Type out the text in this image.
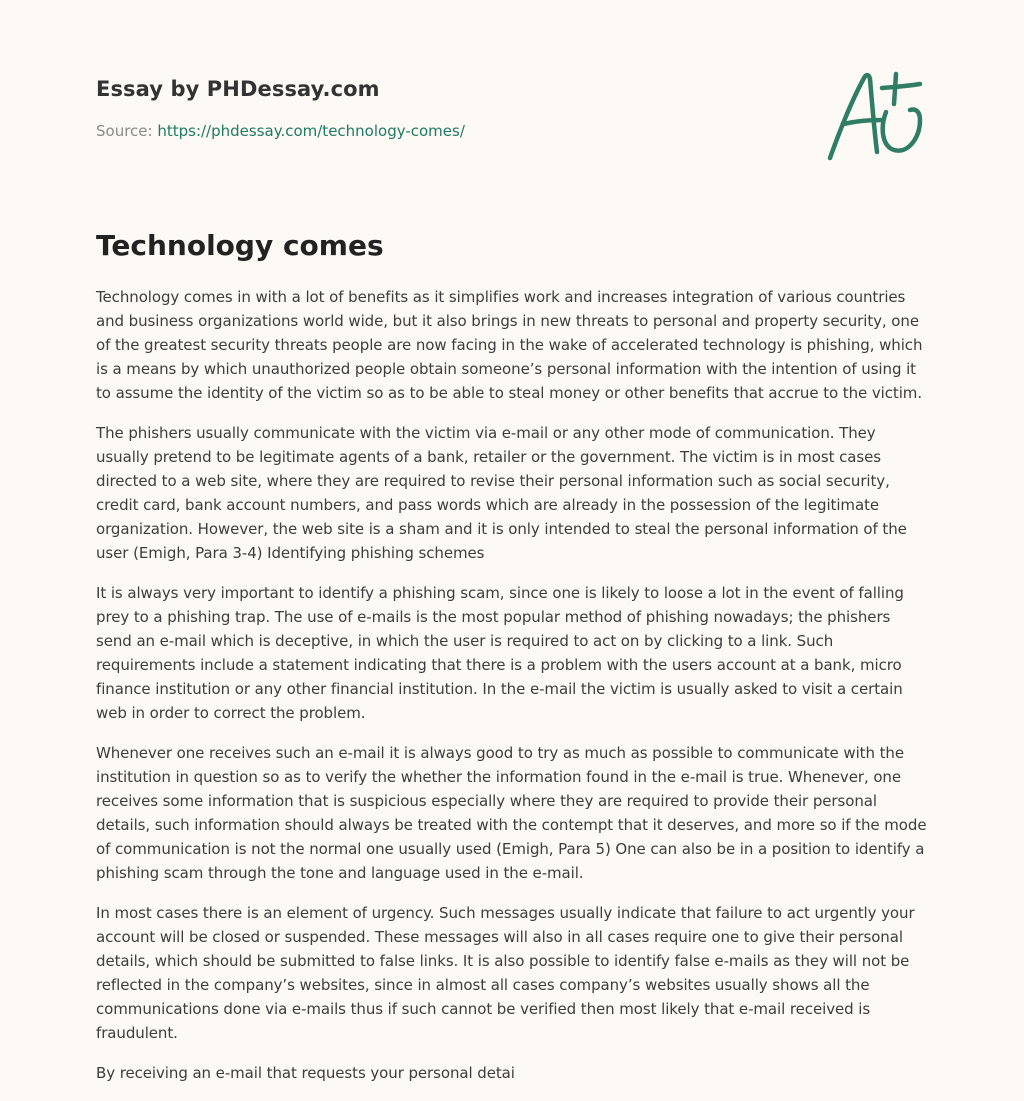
Essay by PHDessay.com
Source: https://phdessay.com/technology-comes/
Technology comes

Technology comes in with a lot of benefits as it simplifies work and increases integration of various countries and business organizations world wide, but it also brings in new threats to personal and property security, one of the greatest security threats people are now facing in the wake of accelerated technology is phishing, which is a means by which unauthorized people obtain someone’s personal information with the intention of using it to assume the identity of the victim so as to be able to steal money or other benefits that accrue to the victim.

The phishers usually communicate with the victim via e-mail or any other mode of communication. They usually pretend to be legitimate agents of a bank, retailer or the government. The victim is in most cases directed to a web site, where they are required to revise their personal information such as social security, credit card, bank account numbers, and pass words which are already in the possession of the legitimate organization. However, the web site is a sham and it is only intended to steal the personal information of the user (Emigh, Para 3-4) Identifying phishing schemes

It is always very important to identify a phishing scam, since one is likely to loose a lot in the event of falling prey to a phishing trap. The use of e-mails is the most popular method of phishing nowadays; the phishers send an e-mail which is deceptive, in which the user is required to act on by clicking to a link. Such requirements include a statement indicating that there is a problem with the users account at a bank, micro finance institution or any other financial institution. In the e-mail the victim is usually asked to visit a certain web in order to correct the problem.

Whenever one receives such an e-mail it is always good to try as much as possible to communicate with the institution in question so as to verify the whether the information found in the e-mail is true. Whenever, one receives some information that is suspicious especially where they are required to provide their personal details, such information should always be treated with the contempt that it deserves, and more so if the mode of communication is not the normal one usually used (Emigh, Para 5) One can also be in a position to identify a phishing scam through the tone and language used in the e-mail.

In most cases there is an element of urgency. Such messages usually indicate that failure to act urgently your account will be closed or suspended. These messages will also in all cases require one to give their personal details, which should be submitted to false links. It is also possible to identify false e-mails as they will not be reflected in the company’s websites, since in almost all cases company’s websites usually shows all the communications done via e-mails thus if such cannot be verified then most likely that e-mail received is fraudulent.

By receiving an e-mail that requests your personal detai
